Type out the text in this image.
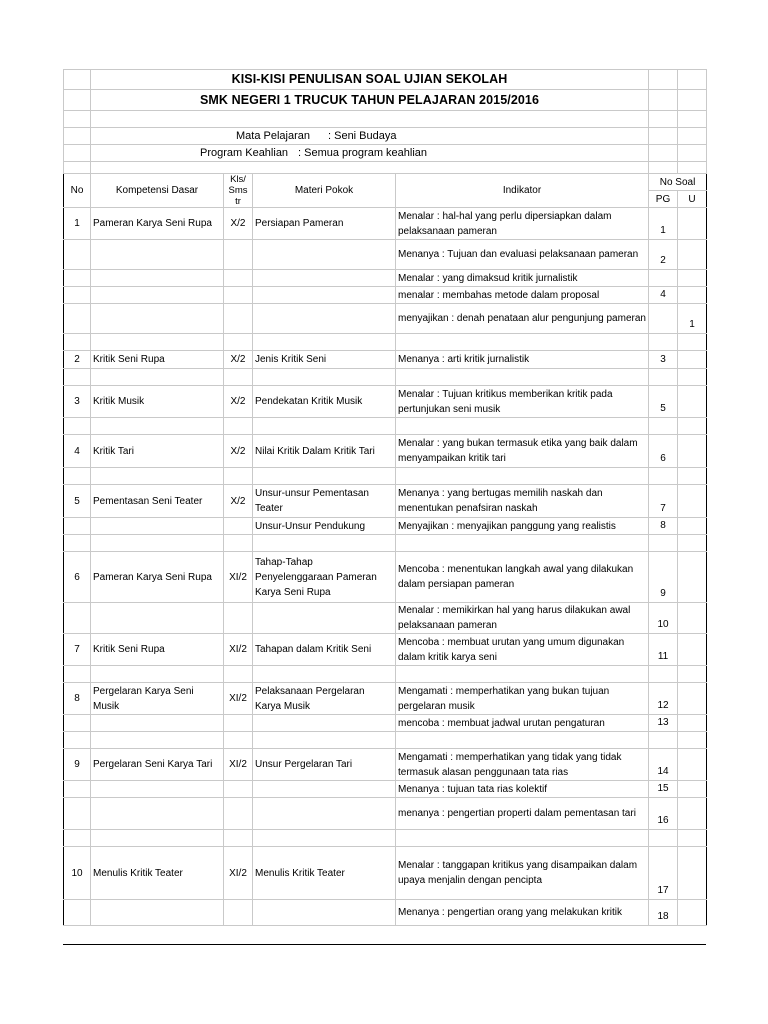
	KISI-KISI PENULISAN SOAL UJIAN SEKOLAH					
	SMK NEGERI 1 TRUCUK TAHUN PELAJARAN 2015/2016					

	Mata Pelajaran : Seni Budaya					
	Program Keahlian : Semua program keahlian					

No	Kompetensi Dasar	Kls/ Sms tr	Materi Pokok	Indikator	No Soal	
					PG	U
1	Pameran Karya Seni Rupa	X/2	Persiapan Pameran	Menalar : hal-hal yang perlu dipersiapkan dalam pelaksanaan pameran	1	
				Menanya : Tujuan dan evaluasi pelaksanaan pameran	2	
				Menalar : yang dimaksud kritik jurnalistik		
				menalar : membahas metode dalam proposal	4	
				menyajikan : denah penataan alur pengunjung pameran		1

2	Kritik Seni Rupa	X/2	Jenis Kritik Seni	Menanya : arti kritik jurnalistik	3	

3	Kritik Musik	X/2	Pendekatan Kritik Musik	Menalar : Tujuan kritikus memberikan kritik pada pertunjukan seni musik	5	

4	Kritik Tari	X/2	Nilai Kritik Dalam Kritik Tari	Menalar : yang bukan termasuk etika yang baik dalam menyampaikan kritik tari	6	

5	Pementasan Seni Teater	X/2	Unsur-unsur Pementasan Teater	Menanya : yang bertugas memilih naskah dan menentukan penafsiran naskah	7	
			Unsur-Unsur Pendukung	Menyajikan : menyajikan panggung yang realistis	8	

6	Pameran Karya Seni Rupa	XI/2	Tahap-Tahap Penyelenggaraan Pameran Karya Seni Rupa	Mencoba : menentukan langkah awal yang dilakukan dalam persiapan pameran	9	
				Menalar : memikirkan hal yang harus dilakukan awal pelaksanaan pameran	10	
7	Kritik Seni Rupa	XI/2	Tahapan dalam Kritik Seni	Mencoba : membuat urutan yang umum digunakan dalam kritik karya seni	11	

8	Pergelaran Karya Seni Musik	XI/2	Pelaksanaan Pergelaran Karya Musik	Mengamati : memperhatikan yang bukan tujuan pergelaran musik	12	
				mencoba : membuat jadwal urutan pengaturan	13	

9	Pergelaran Seni Karya Tari	XI/2	Unsur Pergelaran Tari	Mengamati : memperhatikan yang tidak yang tidak termasuk alasan penggunaan tata rias	14	
				Menanya : tujuan tata rias kolektif	15	
				menanya : pengertian properti dalam pementasan tari	16	

10	Menulis Kritik Teater	XI/2	Menulis Kritik Teater	Menalar : tanggapan kritikus yang disampaikan dalam upaya menjalin dengan pencipta	17	
				Menanya : pengertian orang yang melakukan kritik	18	
